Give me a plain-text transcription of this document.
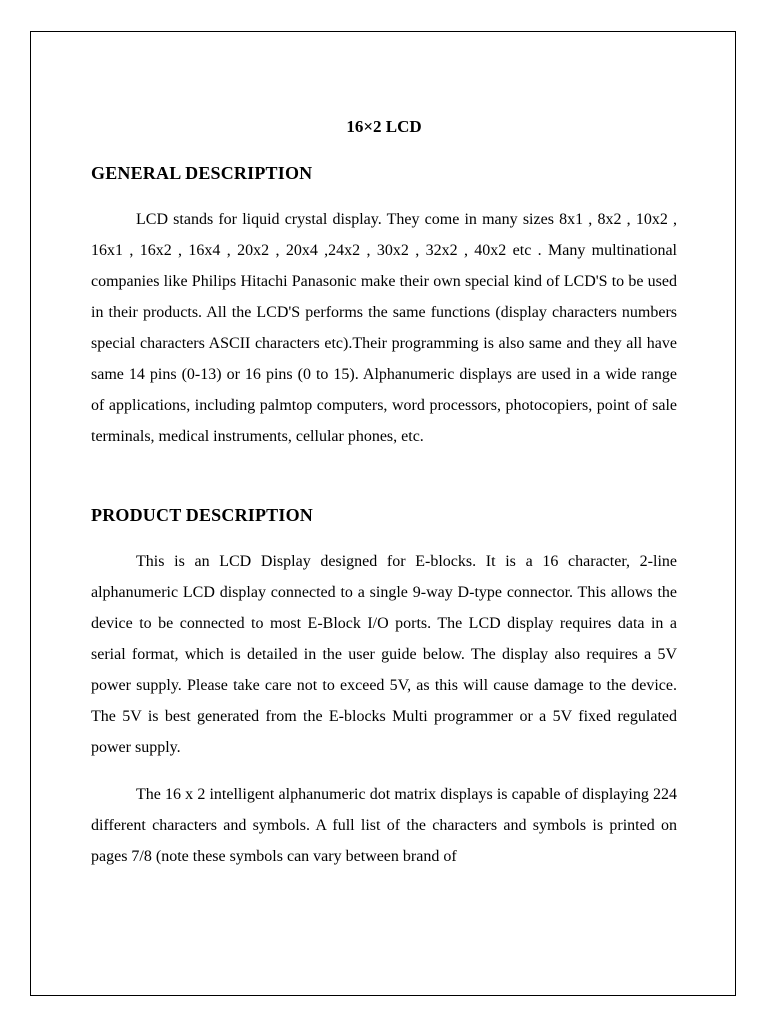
16×2 LCD
GENERAL DESCRIPTION

LCD stands for liquid crystal display. They come in many sizes 8x1 , 8x2 , 10x2 , 16x1 , 16x2 , 16x4 , 20x2 , 20x4 ,24x2 , 30x2 , 32x2 , 40x2 etc . Many multinational companies like Philips Hitachi Panasonic make their own special kind of LCD'S to be used in their products. All the LCD'S performs the same functions (display characters numbers special characters ASCII characters etc).Their programming is also same and they all have same 14 pins (0-13) or 16 pins (0 to 15). Alphanumeric displays are used in a wide range of applications, including palmtop computers, word processors, photocopiers, point of sale terminals, medical instruments, cellular phones, etc.

PRODUCT DESCRIPTION

This is an LCD Display designed for E-blocks. It is a 16 character, 2-line alphanumeric LCD display connected to a single 9-way D-type connector. This allows the device to be connected to most E-Block I/O ports. The LCD display requires data in a serial format, which is detailed in the user guide below. The display also requires a 5V power supply. Please take care not to exceed 5V, as this will cause damage to the device. The 5V is best generated from the E-blocks Multi programmer or a 5V fixed regulated power supply.

The 16 x 2 intelligent alphanumeric dot matrix displays is capable of displaying 224 different characters and symbols. A full list of the characters and symbols is printed on pages 7/8 (note these symbols can vary between brand of
